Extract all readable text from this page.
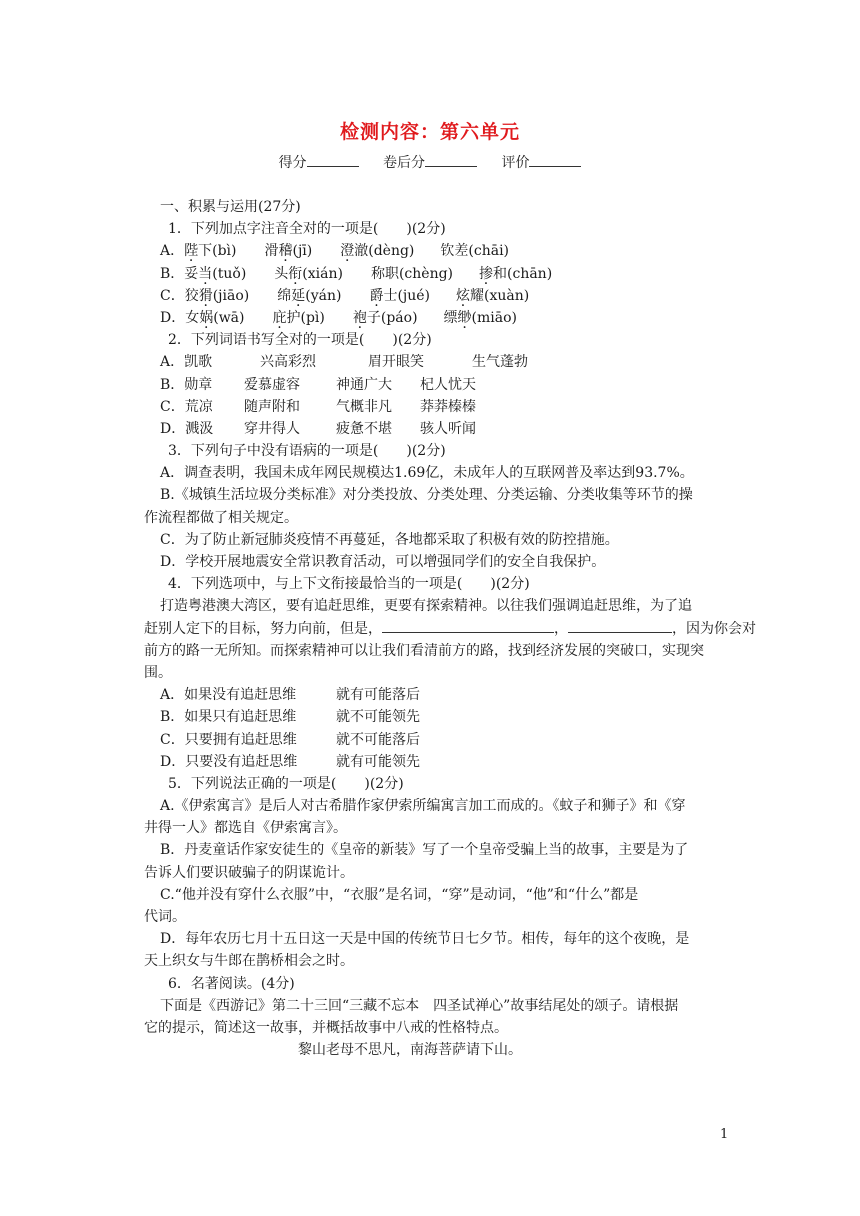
检测内容：第六单元
得分	卷后分	评价
一、积累与运用(27分)
1．下列加点字注音全对的一项是(　　)(2分)
A．陛下(bì) 滑稽(jī) 澄澈(dèng) 钦差(chāi)
B．妥当(tuǒ) 头衔(xián) 称职(chèng) 掺和(chān)
C．狡猾(jiāo) 绵延(yán) 爵士(jué) 炫耀(xuàn)
D．女娲(wā) 庇护(pì) 袍子(páo) 缥缈(miāo)
2．下列词语书写全对的一项是(　　)(2分)
A．凯歌	兴高彩烈	眉开眼笑	生气蓬勃
B．勋章 爱慕虚容	神通广大 杞人忧天
C．荒凉 随声附和	气概非凡 莽莽榛榛
D．溅汲 穿井得人	疲惫不堪 骇人听闻
3．下列句子中没有语病的一项是(　　)(2分)
A．调查表明，我国未成年网民规模达1.69亿，未成年人的互联网普及率达到93.7%。
B.《城镇生活垃圾分类标准》对分类投放、分类处理、分类运输、分类收集等环节的操
作流程都做了相关规定。
C．为了防止新冠肺炎疫情不再蔓延，各地都采取了积极有效的防控措施。
D．学校开展地震安全常识教育活动，可以增强同学们的安全自我保护。
4．下列选项中，与上下文衔接最恰当的一项是(　　)(2分)
打造粤港澳大湾区，要有追赶思维，更要有探索精神。以往我们强调追赶思维，为了追
赶别人定下的目标，努力向前，但是，	，	，因为你会对
前方的路一无所知。而探索精神可以让我们看清前方的路，找到经济发展的突破口，实现突
围。
A．如果没有追赶思维	就有可能落后
B．如果只有追赶思维	就不可能领先
C．只要拥有追赶思维	就不可能落后
D．只要没有追赶思维	就有可能领先
5．下列说法正确的一项是(　　)(2分)
A.《伊索寓言》是后人对古希腊作家伊索所编寓言加工而成的。《蚊子和狮子》和《穿
井得一人》都选自《伊索寓言》。
B．丹麦童话作家安徒生的《皇帝的新装》写了一个皇帝受骗上当的故事，主要是为了
告诉人们要识破骗子的阴谋诡计。
C.“他并没有穿什么衣服”中，“衣服”是名词，“穿”是动词，“他”和“什么”都是
代词。
D．每年农历七月十五日这一天是中国的传统节日七夕节。相传，每年的这个夜晚，是
天上织女与牛郎在鹊桥相会之时。
6．名著阅读。(4分)
下面是《西游记》第二十三回“三藏不忘本　四圣试禅心”故事结尾处的颂子。请根据
它的提示，简述这一故事，并概括故事中八戒的性格特点。
黎山老母不思凡，南海菩萨请下山。
1
